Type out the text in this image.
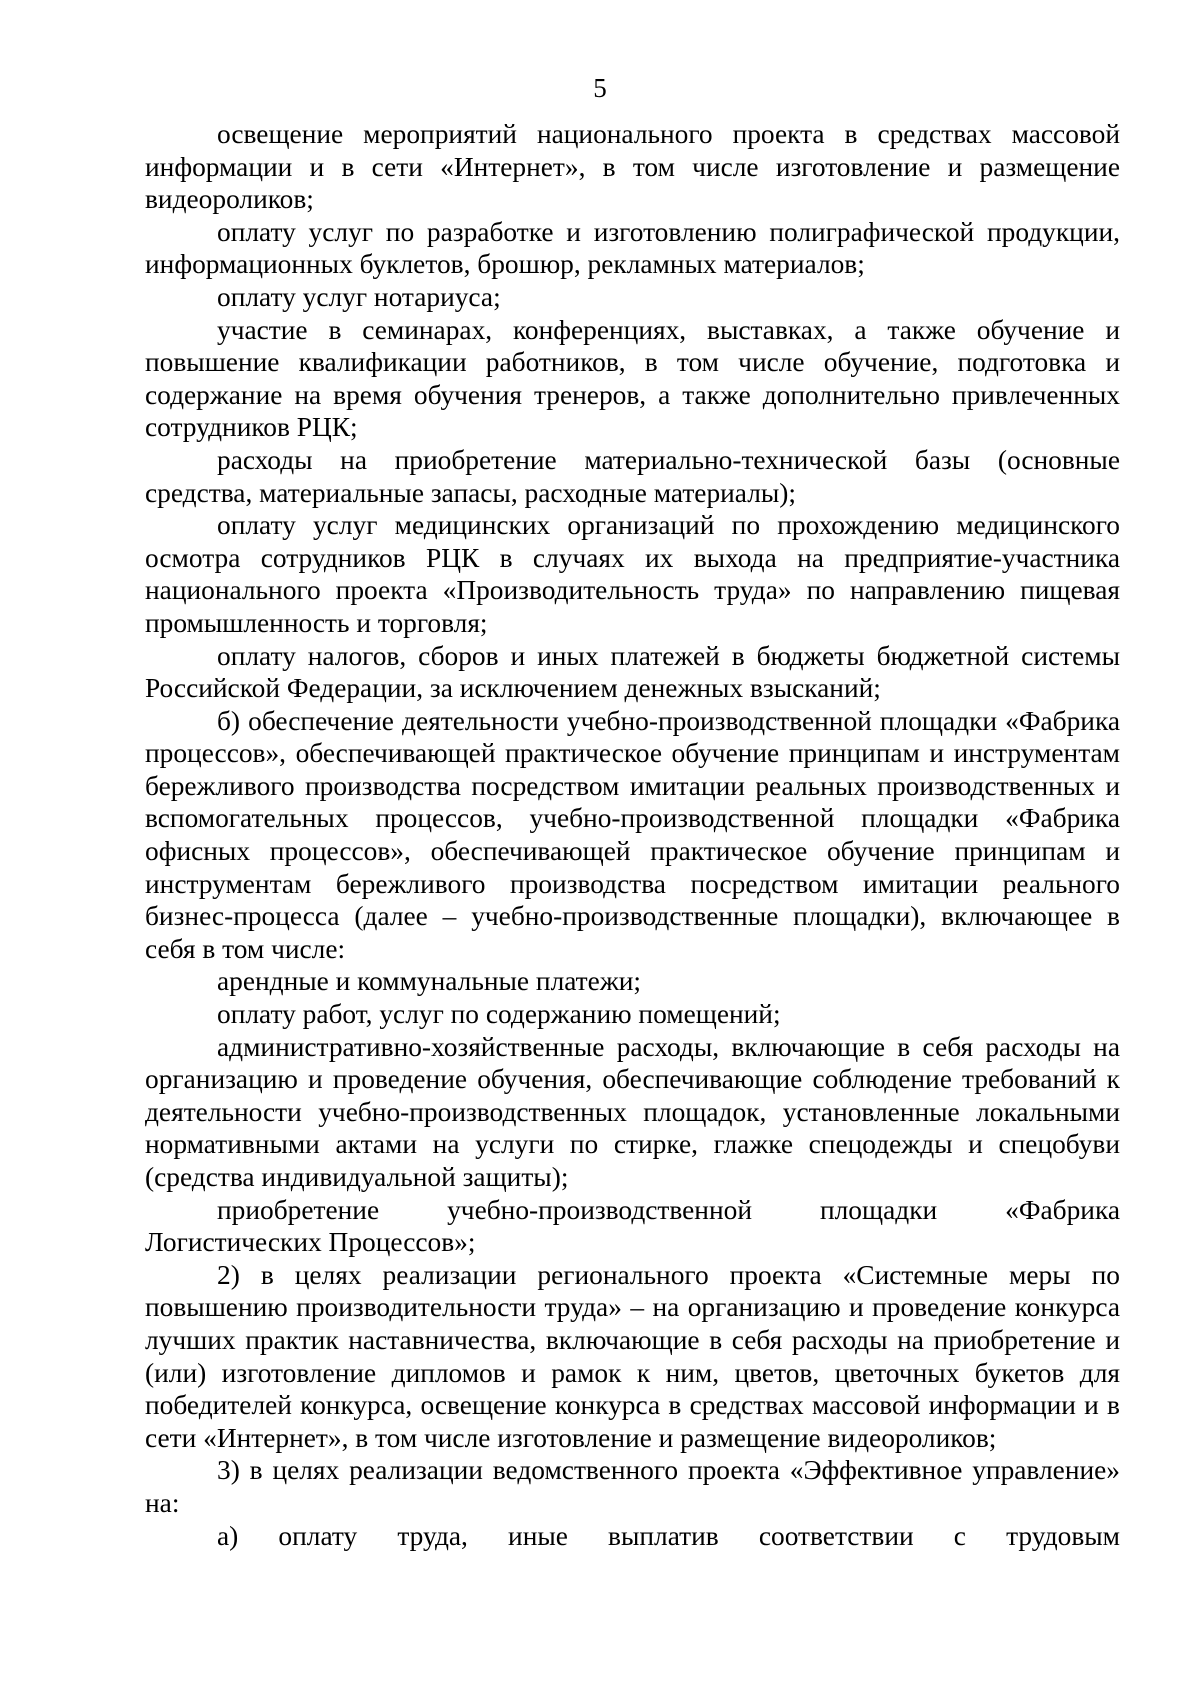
5

освещение мероприятий национального проекта в средствах массовой информации и в сети «Интернет», в том числе изготовление и размещение видеороликов;

оплату услуг по разработке и изготовлению полиграфической продукции, информационных буклетов, брошюр, рекламных материалов;

оплату услуг нотариуса;

участие в семинарах, конференциях, выставках, а также обучение и повышение квалификации работников, в том числе обучение, подготовка и содержание на время обучения тренеров, а также дополнительно привлеченных сотрудников РЦК;

расходы на приобретение материально-технической базы (основные средства, материальные запасы, расходные материалы);

оплату услуг медицинских организаций по прохождению медицинского осмотра сотрудников РЦК в случаях их выхода на предприятие-участника национального проекта «Производительность труда» по направлению пищевая промышленность и торговля;

оплату налогов, сборов и иных платежей в бюджеты бюджетной системы Российской Федерации, за исключением денежных взысканий;

б) обеспечение деятельности учебно-производственной площадки «Фабрика процессов», обеспечивающей практическое обучение принципам и инструментам бережливого производства посредством имитации реальных производственных и вспомогательных процессов, учебно-производственной площадки «Фабрика офисных процессов», обеспечивающей практическое обучение принципам и инструментам бережливого производства посредством имитации реального бизнес-процесса (далее – учебно-производственные площадки), включающее в себя в том числе:

арендные и коммунальные платежи;

оплату работ, услуг по содержанию помещений;

административно-хозяйственные расходы, включающие в себя расходы на организацию и проведение обучения, обеспечивающие соблюдение требований к деятельности учебно-производственных площадок, установленные локальными нормативными актами на услуги по стирке, глажке спецодежды и спецобуви (средства индивидуальной защиты);

приобретение учебно-производственной площадки «Фабрика Логистических Процессов»;

2) в целях реализации регионального проекта «Системные меры по повышению производительности труда» – на организацию и проведение конкурса лучших практик наставничества, включающие в себя расходы на приобретение и (или) изготовление дипломов и рамок к ним, цветов, цветочных букетов для победителей конкурса, освещение конкурса в средствах массовой информации и в сети «Интернет», в том числе изготовление и размещение видеороликов;

3) в целях реализации ведомственного проекта «Эффективное управление» на:

а) оплату труда, иные выплатив соответствии с трудовым
